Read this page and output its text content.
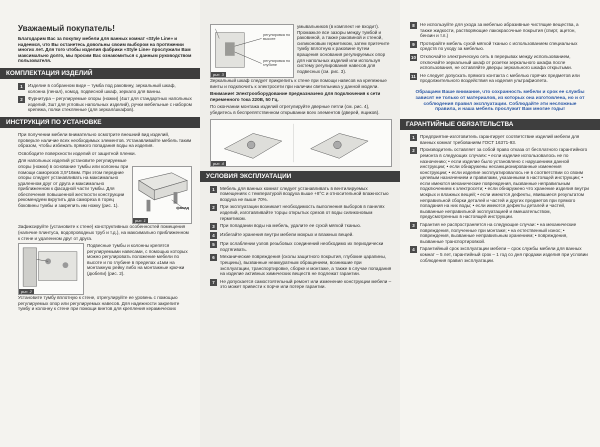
Уважаемый покупатель!

Благодарим Вас за покупку мебели для ванных комнат «Style Line» и надеемся, что Вы останетесь довольны своим выбором на протяжении многих лет. Для того чтобы изделия фабрики «Style Line» прослужили Вам максимально долго, мы просим Вас ознакомиться с данным руководством пользователя.

КОМПЛЕКТАЦИЯ ИЗДЕЛИЙ
1	Изделие в собранном виде – тумба под раковину, зеркальный шкаф, колонна (пенал), комод, подвесной шкаф, зеркало для ванны.

2	Фурнитура – регулируемые опоры (ножки) (4шт для стандартных напольных изделий, 3шт для угловых напольных изделий), ручки мебельные с набором крепежа, полки стеклянные (для зеркал/шкафов).

ИНСТРУКЦИЯ ПО УСТАНОВКЕ

При получении мебели внимательно осмотрите внешний вид изделий, проверьте наличие всех необходимых элементов. Устанавливайте мебель таким образом, чтобы избежать прямого попадания воды на изделия.

Освободите поверхности изделий от защитной пленки.

Для напольных изделий установите регулируемые опоры (ножки) в основание тумбы или колонны при помощи саморезов 3,5*16мм. При этом передние опоры следует устанавливать на максимально удаленном друг от друга и максимально приближенном к фасадной части тумбы. Для обеспечения повышенной жесткости конструкции рекомендуем вкрутить два самореза в торец боковины тумбы и закрепить им ножку (рис. 1).	фасад
рис. 1

Зафиксируйте (установите к стене) конструктивных особенностей помещения (наличие плинтуса, водопроводных труб и т.д.), на максимально приближенном к стене и удаленном друг от друга.

рис. 2

Подвесные тумбы и колонны крепятся регулируемыми навесами, с помощью которых можно регулировать положение мебели по высоте и по глубине в пределах ±1мм на монтажную рейку либо на монтажные крючки (дюбели) (рис. 2).

Установите тумбу вплотную к стене, отрегулируйте ее уровень с помощью регулируемых опор или регулируемых навесов. Для надежности закрепите тумбу и колонну к стене при помощи винтов для крепления керамических

регулировка по высоте
регулировка по глубине
рис. 3

умывальников (в комплект не входит). Промажьте все зазоры между тумбой и раковиной, а также раковиной и стеной, силиконовым герметиком, затем притечите тумбу вплотную к раковине путем вращения основания регулируемых опор для напольных изделий или используя систему регулирования навесов для подвесных (см. рис. 3).

Зеркальный шкаф следует прикрепить к стене при помощи навесов на крепежные винты и подключить к электросети при наличии светильника у данной модели.

Внимание! Электрооборудование предназначено для подключения к сети переменного тока 220В, 50 Гц.

По окончании монтажа изделий отрегулируйте дверные петли (см. рис. 4), убедитесь в беспрепятственном открывании всех элементов (дверей, ящиков).

рис. 4
УСЛОВИЯ ЭКСПЛУАТАЦИИ
1	Мебель для ванных комнат следует устанавливать в вентилируемых помещениях с температурой воздуха выше +8°С и относительной влажностью воздуха не выше 70%.

2	При эксплуатации возникает необходимость выполнения выборов в панелях изделий, изготавливайте торцы открытых срезов от воды силиконовым герметиком.

3	При попадании воды на мебель, удалите ее сухой мягкой тканью.

4	Избегайте хранения внутри мебели мокрых и влажных вещей.

5	При ослаблении узлов резьбовых соединений необходимо их периодически подтягивать.

6	Механические повреждения (сколы защитного покрытия, глубокие царапины, трещины), вызванные неаккуратным обращением, возникшие при эксплуатации, транспортировке, сборке и монтаже, а также в случае попадания на изделие активных химических веществ не подлежат гарантии.

7	Не допускается самостоятельный ремонт или изменение конструкции мебели – это может привести к порче или потере гарантии.

8	Не используйте для ухода за мебелью абразивные чистящие вещества, а также жидкости, растворяющие лакокрасочные покрытия (спирт, ацетон, бензин и т.п.)

9	Протирайте мебель сухой мягкой тканью с использованием специальных средств по уходу за мебелью.

10 Отключайте электрическую сеть в перерывах между использованием, отключайте зеркальный шкаф от розетки зеркального шкафа после использования, не оставляйте дверцы зеркального шкафа открытыми.

11 Не следует допускать прямого контакта с мебелью горячих предметов или продолжительного воздействия на изделия ультрафиолета.

Обращаем Ваше внимание, что сохранность мебели и срок ее службы зависят не только от материалов, из которых она изготовлена, но и от соблюдения правил эксплуатации. Соблюдайте эти несложные правила, и наша мебель прослужит Вам многие годы!

ГАРАНТИЙНЫЕ ОБЯЗАТЕЛЬСТВА
1	Предприятие-изготовитель гарантирует соответствие изделий мебели для ванных комнат требованиям ГОСТ 16371-93.

2	Производитель оставляет за собой право отказа от бесплатного гарантийного ремонта в следующих случаях: • если изделие использовалось не по назначению; • если изделие было установлено с нарушением данной инструкции; • если обнаружены несанкционированные изменения конструкции; • если изделие эксплуатировалось не в соответствии со своим целевым назначением и правилами, указанными в настоящей инструкции; • если имеются механические повреждения, вызванные неправильным подключением к электросети; • если обнаружено что хранение изделия внутри мокрых и влажных вещей; • если имеются дефекты, явившиеся результатом неправильной сборки деталей и частей и других предметов при прямого попадания на них воды; • если имеются дефекты деталей и частей, вызванные неправильной эксплуатацией и вмешательством, предусмотренных в настоящей инструкции.

3	Гарантия не распространяется на следующие случаи: • на механические повреждения, полученные при монтаже; • на естественный износ; • повреждения, вызванные неправильным хранением; • повреждения, вызванные транспортировкой.

4	Гарантийный срок эксплуатации мебели – срок службы мебели для ванных комнат – 5 лет, гарантийный срок – 1 год со дня продажи изделия при условии соблюдения правил эксплуатации.
